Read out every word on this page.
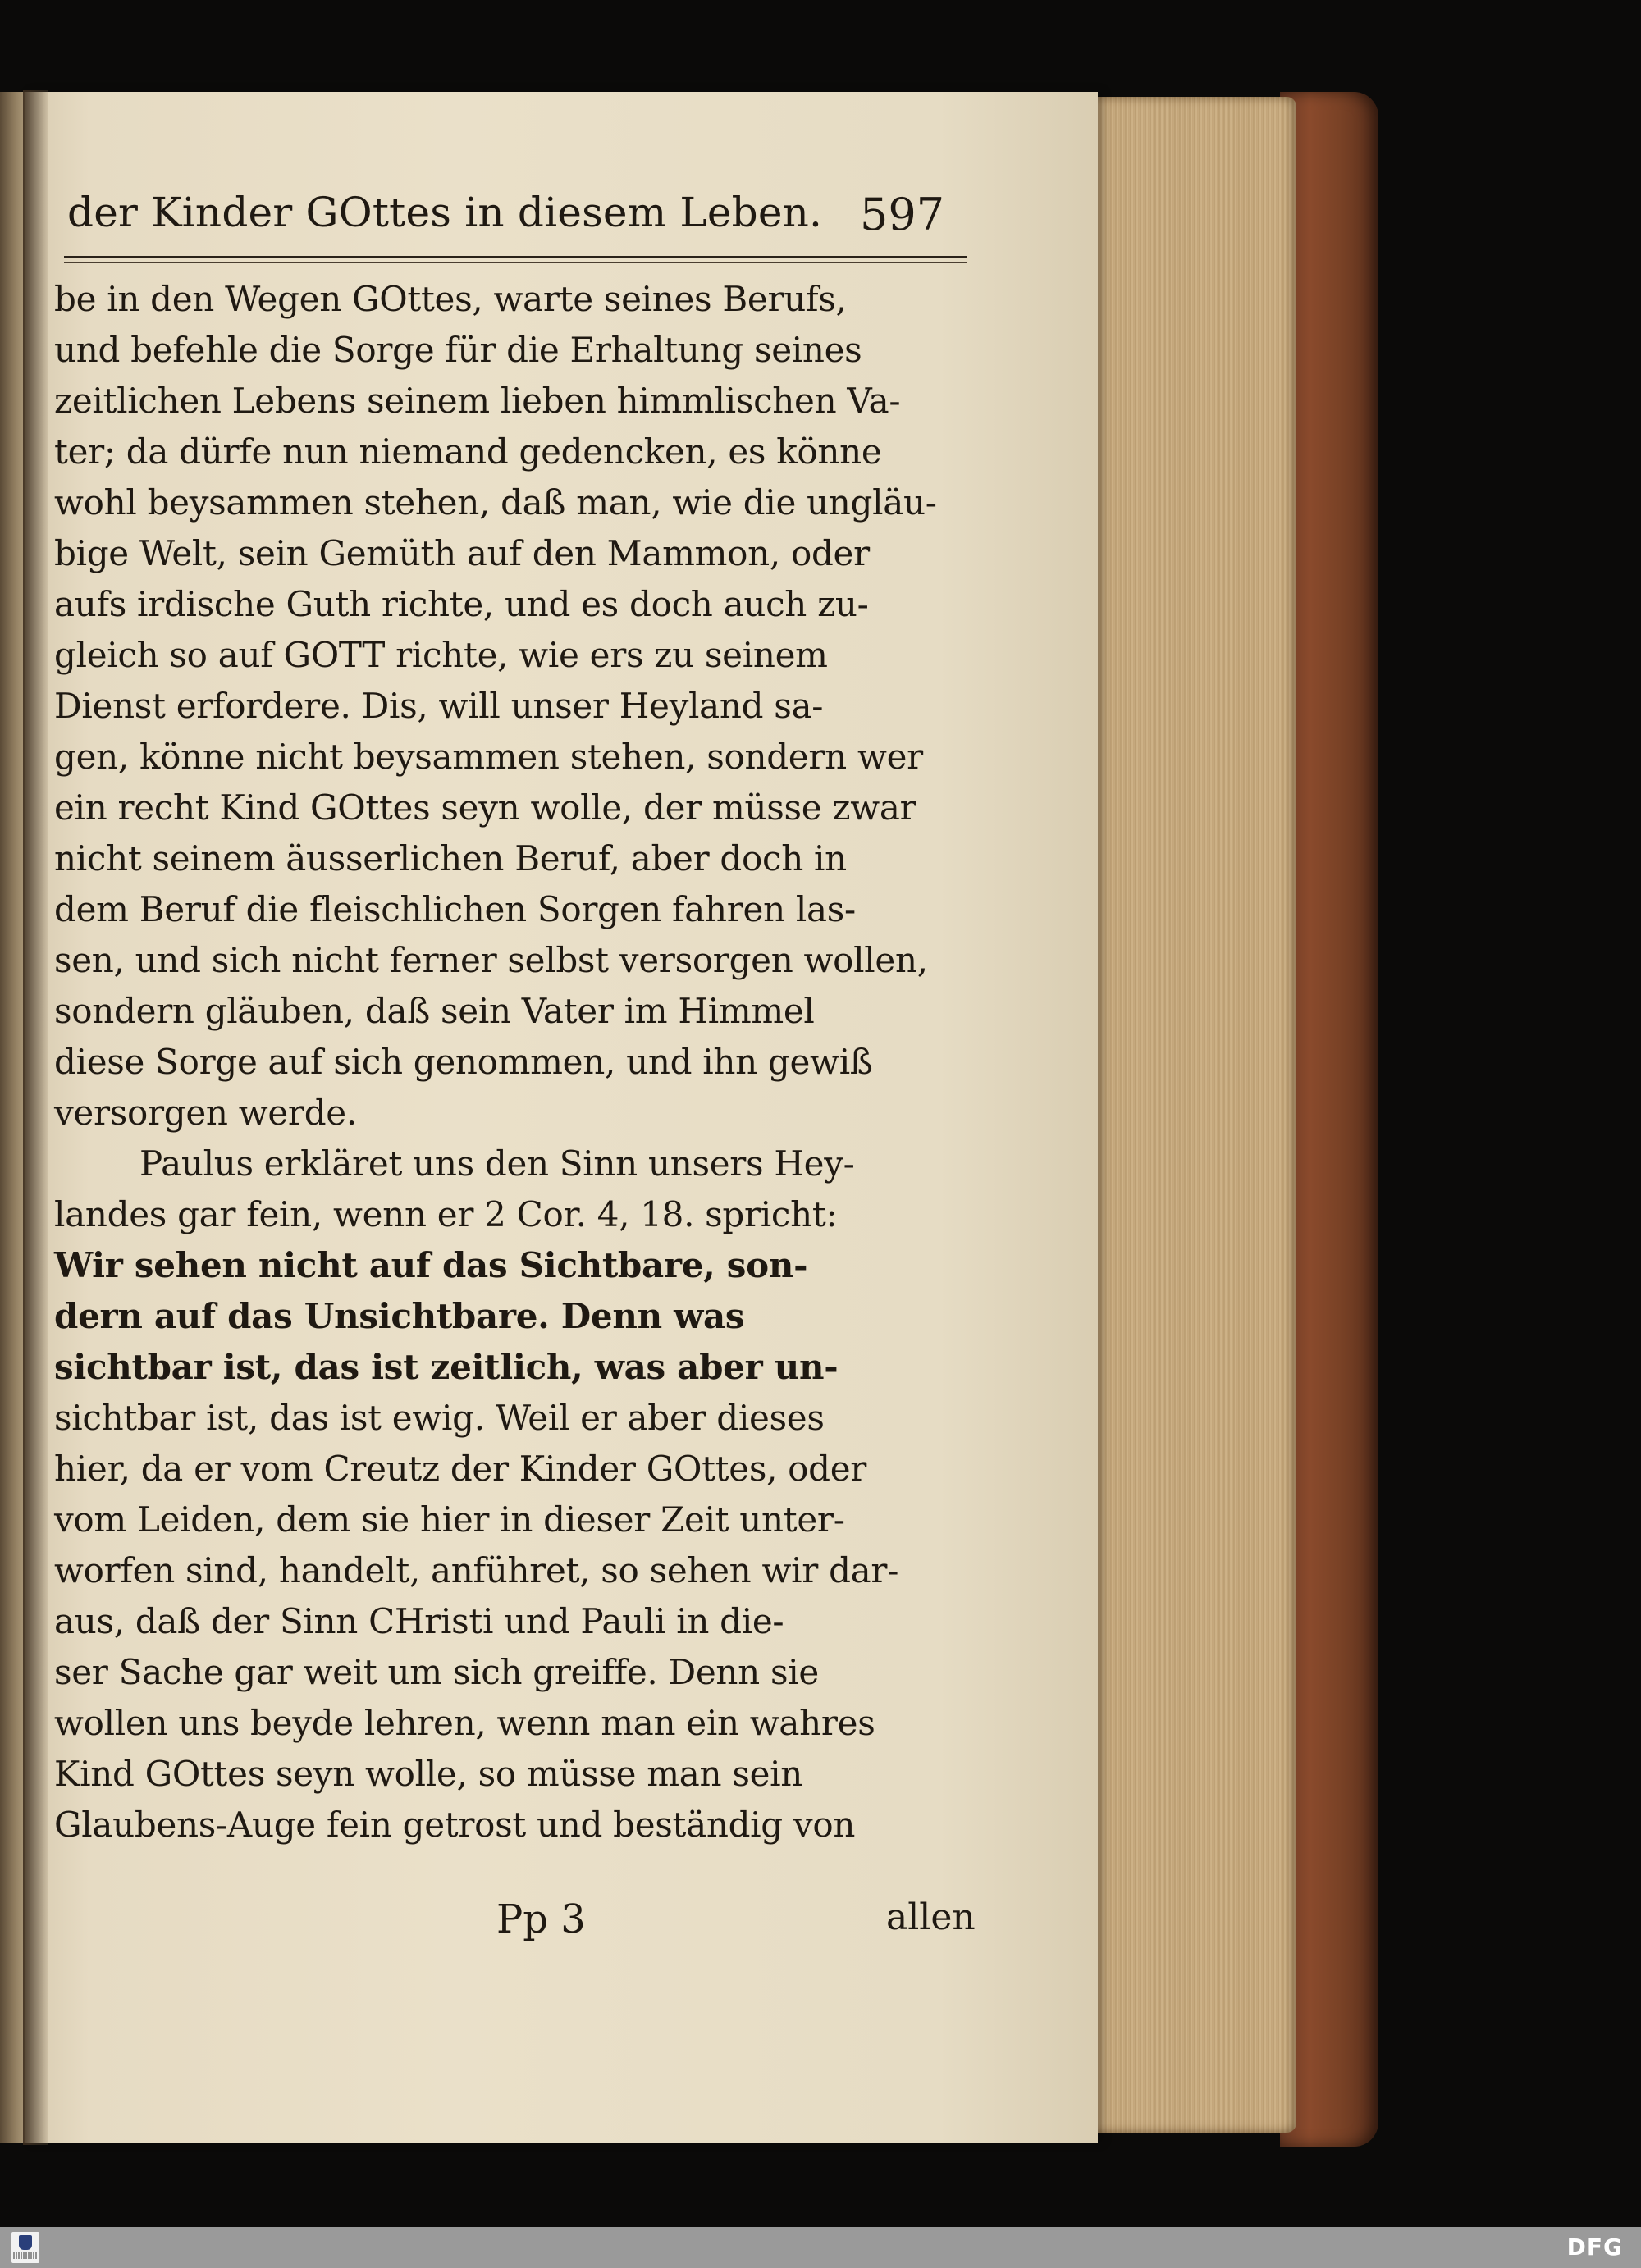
der Kinder GOttes in diesem Leben. 597
be in den Wegen GOttes, warte seines Berufs,
und befehle die Sorge für die Erhaltung seines
zeitlichen Lebens seinem lieben himmlischen Va-
ter; da dürfe nun niemand gedencken, es könne
wohl beysammen stehen, daß man, wie die ungläu-
bige Welt, sein Gemüth auf den Mammon, oder
aufs irdische Guth richte, und es doch auch zu-
gleich so auf GOTT richte, wie ers zu seinem
Dienst erfordere. Dis, will unser Heyland sa-
gen, könne nicht beysammen stehen, sondern wer
ein recht Kind GOttes seyn wolle, der müsse zwar
nicht seinem äusserlichen Beruf, aber doch in
dem Beruf die fleischlichen Sorgen fahren las-
sen, und sich nicht ferner selbst versorgen wollen,
sondern gläuben, daß sein Vater im Himmel
diese Sorge auf sich genommen, und ihn gewiß
versorgen werde.
Paulus erkläret uns den Sinn unsers Hey-
landes gar fein, wenn er 2 Cor. 4, 18. spricht:
Wir sehen nicht auf das Sichtbare, son-
dern auf das Unsichtbare. Denn was
sichtbar ist, das ist zeitlich, was aber un-
sichtbar ist, das ist ewig. Weil er aber dieses
hier, da er vom Creutz der Kinder GOttes, oder
vom Leiden, dem sie hier in dieser Zeit unter-
worfen sind, handelt, anführet, so sehen wir dar-
aus, daß der Sinn CHristi und Pauli in die-
ser Sache gar weit um sich greiffe. Denn sie
wollen uns beyde lehren, wenn man ein wahres
Kind GOttes seyn wolle, so müsse man sein
Glaubens-Auge fein getrost und beständig von
Pp 3	allen
DFG
